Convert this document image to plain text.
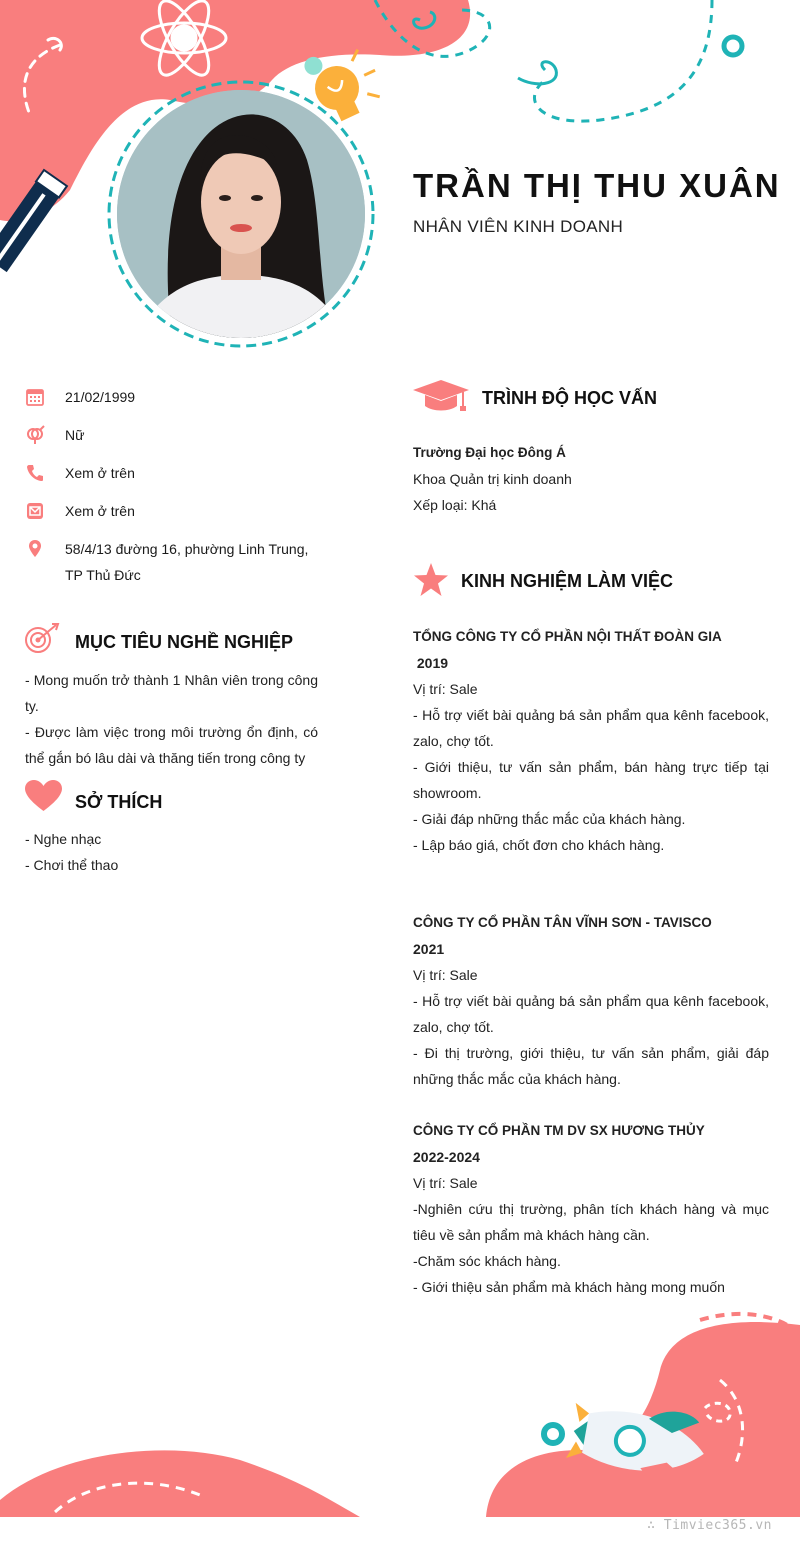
TRẦN THỊ THU XUÂN
NHÂN VIÊN KINH DOANH
21/02/1999
Nữ
Xem ở trên
Xem ở trên
58/4/13 đường 16, phường Linh Trung, TP Thủ Đức
MỤC TIÊU NGHỀ NGHIỆP
- Mong muốn trở thành 1 Nhân viên trong công ty.
- Được làm việc trong môi trường ổn định, có thể gắn bó lâu dài và thăng tiến trong công ty
SỞ THÍCH
- Nghe nhạc
- Chơi thể thao
TRÌNH ĐỘ HỌC VẤN
Trường Đại học Đông Á
Khoa Quản trị kinh doanh
Xếp loại: Khá
KINH NGHIỆM LÀM VIỆC
TỔNG CÔNG TY CỔ PHẦN NỘI THẤT ĐOÀN GIA
2019
Vị trí: Sale
- Hỗ trợ viết bài quảng bá sản phẩm qua kênh facebook, zalo, chợ tốt.
- Giới thiệu, tư vấn sản phẩm, bán hàng trực tiếp tại showroom.
- Giải đáp những thắc mắc của khách hàng.
- Lập báo giá, chốt đơn cho khách hàng.
CÔNG TY CỔ PHẦN TÂN VĨNH SƠN - TAVISCO
2021
Vị trí: Sale
- Hỗ trợ viết bài quảng bá sản phẩm qua kênh facebook, zalo, chợ tốt.
- Đi thị trường, giới thiệu, tư vấn sản phẩm, giải đáp những thắc mắc của khách hàng.
CÔNG TY CỔ PHẦN TM DV SX HƯƠNG THỦY
2022-2024
Vị trí: Sale
-Nghiên cứu thị trường, phân tích khách hàng và mục tiêu về sản phẩm mà khách hàng cần.
-Chăm sóc khách hàng.
- Giới thiệu sản phẩm mà khách hàng mong muốn
∴ Timviec365.vn
